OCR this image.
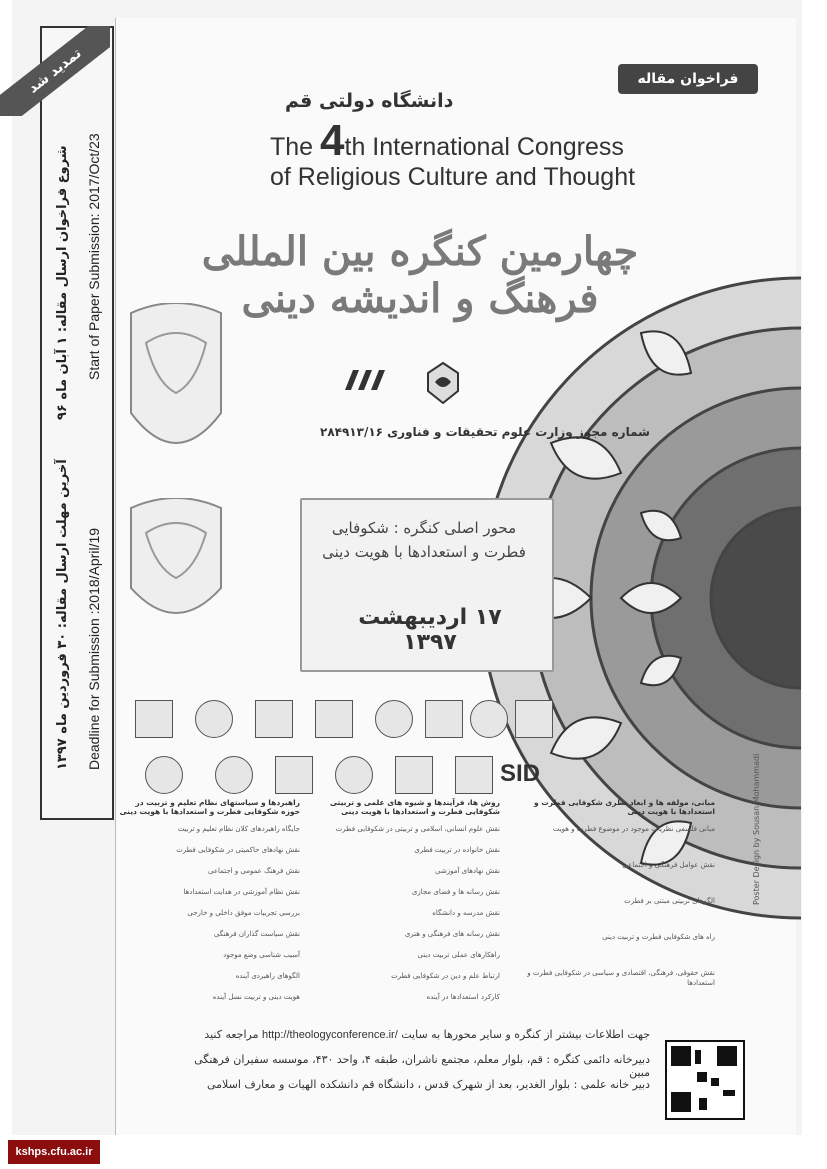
تمدید شد
شروع فراخوان ارسال مقاله: ۱ آبان ماه ۹۶ Start of Paper Submission: 2017/Oct/23
آخرین مهلت ارسال مقاله: ۳۰ فروردین ماه ۱۳۹۷ Deadline for Submission :2018/April/19
فراخوان مقاله
دانشگاه دولتی قم
The 4th International Congress
of Religious Culture and Thought
چهارمین کنگره بین المللی فرهنگ و اندیشه دینی
شماره مجوز وزارت علوم تحقیقات و فناوری ۲۸۴۹۱۳/۱۶
محور اصلی کنگره : شکوفایی فطرت و استعدادها با هویت دینی
۱۷ اردیبهشت ۱۳۹۷
SID
راهبردها و سیاستهای نظام تعلیم و تربیت در حوزه شکوفایی فطرت و استعدادها با هویت دینی
جایگاه راهبردهای کلان نظام تعلیم و تربیت
نقش نهادهای حاکمیتی در شکوفایی فطرت
نقش فرهنگ عمومی و اجتماعی
نقش نظام آموزشی در هدایت استعدادها
بررسی تجربیات موفق داخلی و خارجی
نقش سیاست گذاران فرهنگی
آسیب شناسی وضع موجود
الگوهای راهبردی آینده
هویت دینی و تربیت نسل آینده
روش ها، فرآیندها و شیوه های علمی و تربیتی شکوفایی فطرت و استعدادها با هویت دینی
نقش علوم انسانی، اسلامی و تربیتی در شکوفایی فطرت
نقش خانواده در تربیت فطری
نقش نهادهای آموزشی
نقش رسانه ها و فضای مجازی
نقش مدرسه و دانشگاه
نقش رسانه های فرهنگی و هنری
راهکارهای عملی تربیت دینی
ارتباط علم و دین در شکوفایی فطرت
کارکرد استعدادها در آینده
مبانی، مولفه ها و ابعاد نظری شکوفایی فطرت و استعدادها با هویت دینی
مبانی فلسفی نظریات موجود در موضوع فطرت و هویت
نقش عوامل فرهنگی و اجتماعی
الگوهای تربیتی مبتنی بر فطرت
راه های شکوفایی فطرت و تربیت دینی
نقش حقوقی، فرهنگی، اقتصادی و سیاسی در شکوفایی فطرت و استعدادها
Poster Design by Sousan Mohammadi
جهت اطلاعات بیشتر از کنگره و سایر محورها به سایت http://theologyconference.ir/ مراجعه کنید
دبیرخانه دائمی کنگره : قم، بلوار معلم، مجتمع ناشران، طبقه ۴، واحد ۴۳۰، موسسه سفیران فرهنگی مبین
دبیر خانه علمی : بلوار الغدیر، بعد از شهرک قدس ، دانشگاه قم دانشکده الهیات و معارف اسلامی
kshps.cfu.ac.ir
